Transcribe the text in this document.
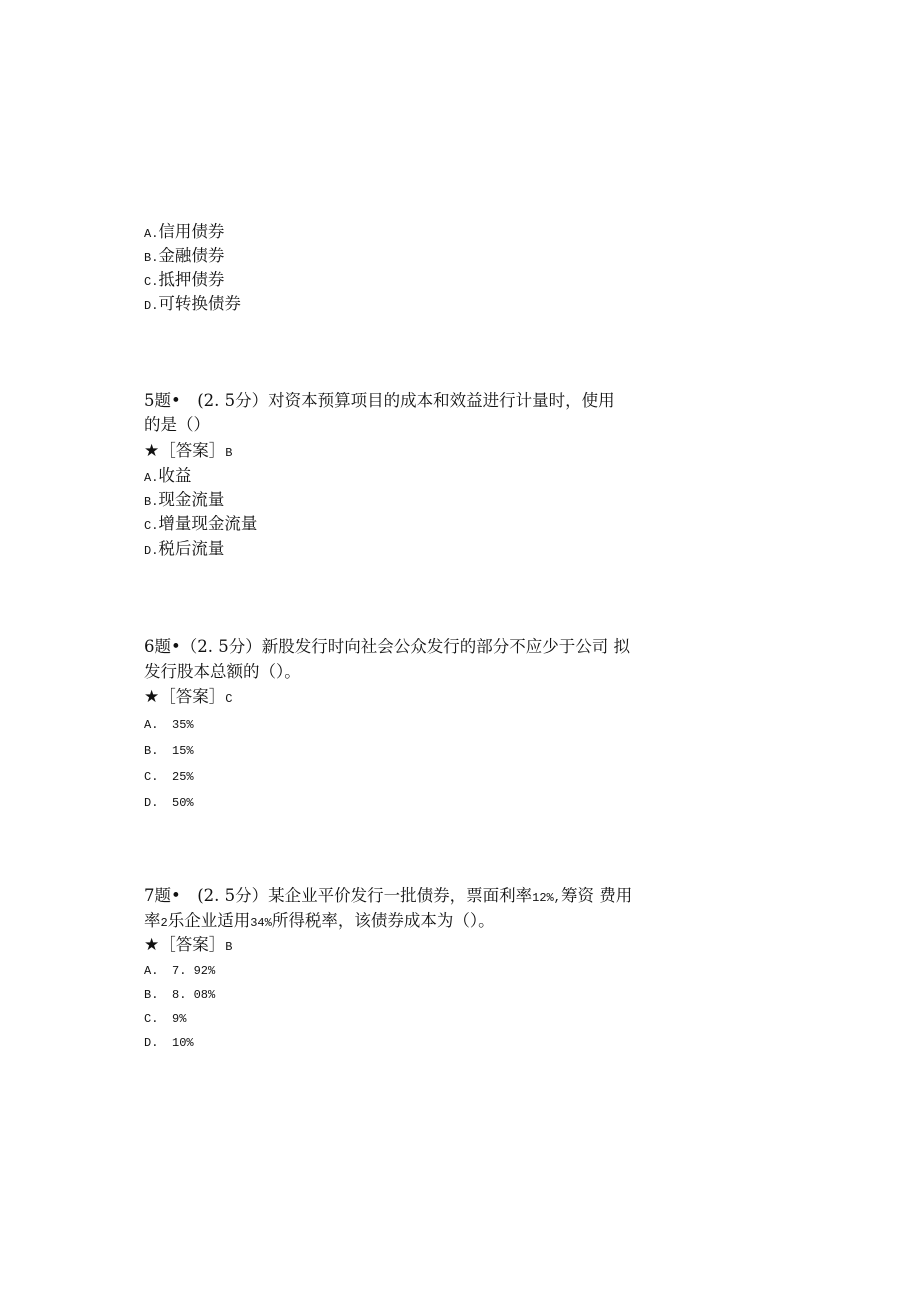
A.信用债券
B.金融债券
C.抵押债券
D.可转换债券
5题•　(2. 5分）对资本预算项目的成本和效益进行计量时，使用
的是（）
★［答案］B
A.收益
B.现金流量
C.增量现金流量
D.税后流量
6题•（2. 5分）新股发行时向社会公众发行的部分不应少于公司 拟
发行股本总额的（）。
★［答案］C
A. 35%
B. 15%
C. 25%
D. 50%
7题•　(2. 5分）某企业平价发行一批债券，票面利率12%,筹资 费用
率2乐企业适用34%所得税率，该债券成本为（）。
★［答案］B
A. 7. 92%
B. 8. 08%
C. 9%
D. 10%
